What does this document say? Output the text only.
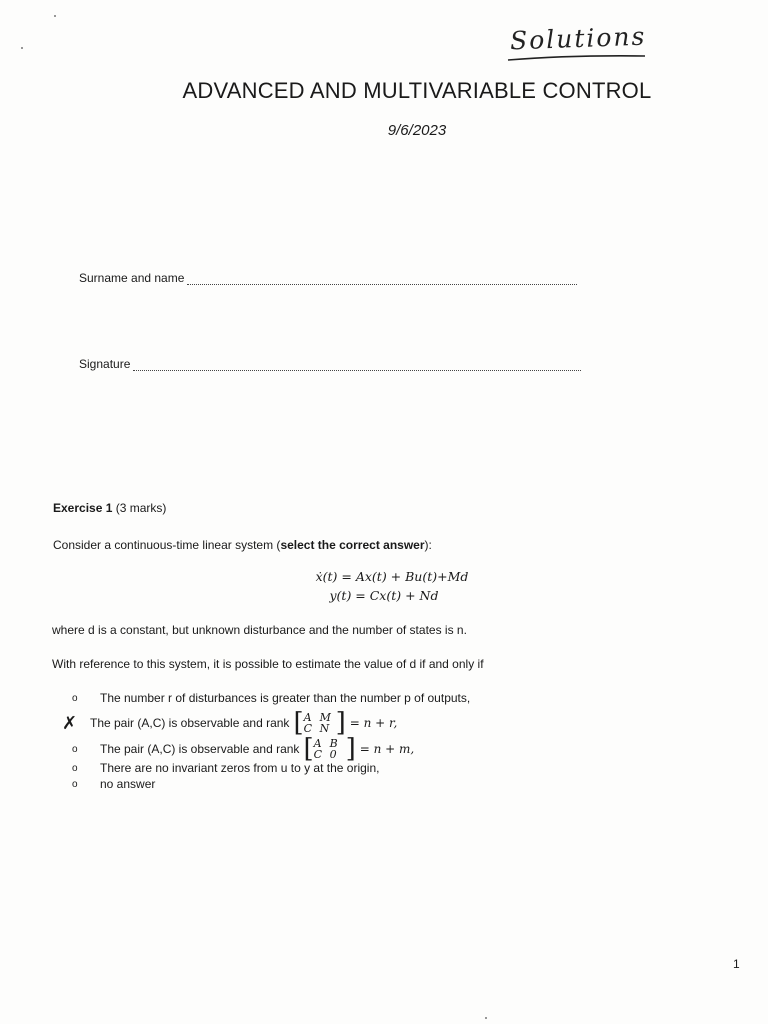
Solutions
ADVANCED AND MULTIVARIABLE CONTROL
9/6/2023
Surname and name
Signature
Exercise 1 (3 marks)
Consider a continuous-time linear system (select the correct answer):
ẋ(t) = Ax(t) + Bu(t)+Md
y(t) = Cx(t) + Nd
where d is a constant, but unknown disturbance and the number of states is n.
With reference to this system, it is possible to estimate the value of d if and only if
o	The number r of disturbances is greater than the number p of outputs,
✗	The pair (A,C) is observable and rank [ A M
C N ] = n + r,
o	The pair (A,C) is observable and rank [ A B
C 0 ] = n + m,
o	There are no invariant zeros from u to y at the origin,
o	no answer
1
